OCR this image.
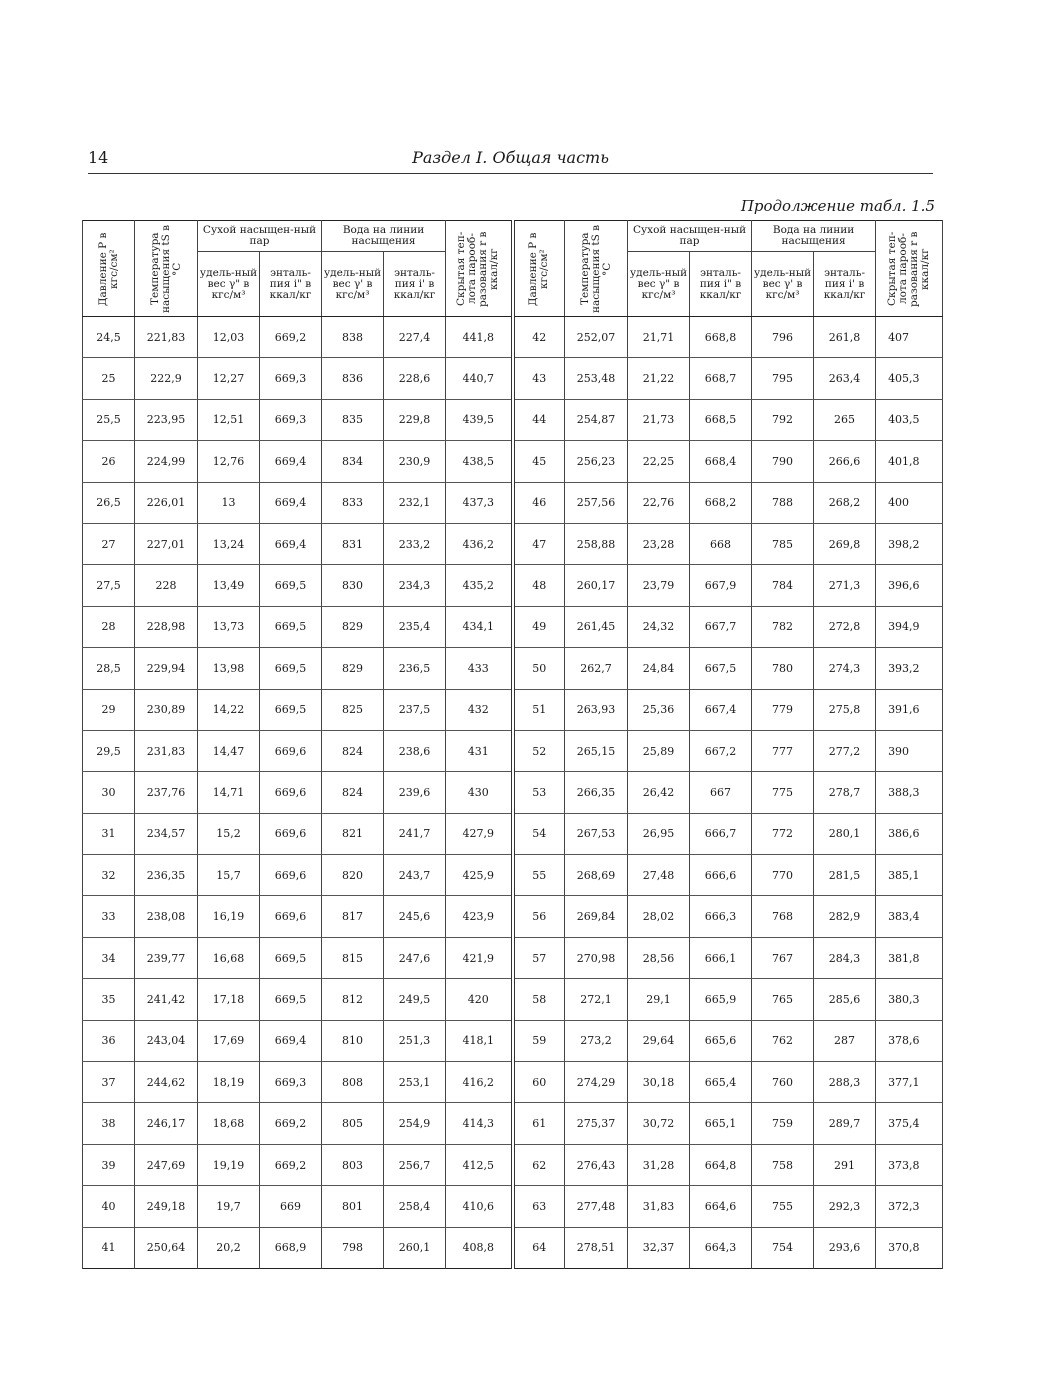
14	Раздел I. Общая часть
Продолжение табл. 1.5
Давление P в кгс/см²	Температура насыщения tS в °C	Сухой насыщен-ный пар		Вода на линии насыщения		Скрытая теп-лота парооб-разования r в ккал/кг	Давление P в кгс/см²	Температура насыщения tS в °C	Сухой насыщен-ный пар		Вода на линии насыщения		Скрытая теп-лота парооб-разования r в ккал/кг

		удель-ный вес γ" в кгс/м³	энталь-пия i" в ккал/кг	удель-ный вес γ' в кгс/м³	энталь-пия i' в ккал/кг				удель-ный вес γ" в кгс/м³	энталь-пия i" в ккал/кг	удель-ный вес γ' в кгс/м³	энталь-пия i' в ккал/кг	
24,5	221,83	12,03	669,2	838	227,4	441,8	42	252,07	21,71	668,8	796	261,8	407
25	222,9	12,27	669,3	836	228,6	440,7	43	253,48	21,22	668,7	795	263,4	405,3
25,5	223,95	12,51	669,3	835	229,8	439,5	44	254,87	21,73	668,5	792	265	403,5
26	224,99	12,76	669,4	834	230,9	438,5	45	256,23	22,25	668,4	790	266,6	401,8
26,5	226,01	13	669,4	833	232,1	437,3	46	257,56	22,76	668,2	788	268,2	400
27	227,01	13,24	669,4	831	233,2	436,2	47	258,88	23,28	668	785	269,8	398,2
27,5	228	13,49	669,5	830	234,3	435,2	48	260,17	23,79	667,9	784	271,3	396,6
28	228,98	13,73	669,5	829	235,4	434,1	49	261,45	24,32	667,7	782	272,8	394,9
28,5	229,94	13,98	669,5	829	236,5	433	50	262,7	24,84	667,5	780	274,3	393,2
29	230,89	14,22	669,5	825	237,5	432	51	263,93	25,36	667,4	779	275,8	391,6
29,5	231,83	14,47	669,6	824	238,6	431	52	265,15	25,89	667,2	777	277,2	390
30	237,76	14,71	669,6	824	239,6	430	53	266,35	26,42	667	775	278,7	388,3
31	234,57	15,2	669,6	821	241,7	427,9	54	267,53	26,95	666,7	772	280,1	386,6
32	236,35	15,7	669,6	820	243,7	425,9	55	268,69	27,48	666,6	770	281,5	385,1
33	238,08	16,19	669,6	817	245,6	423,9	56	269,84	28,02	666,3	768	282,9	383,4
34	239,77	16,68	669,5	815	247,6	421,9	57	270,98	28,56	666,1	767	284,3	381,8
35	241,42	17,18	669,5	812	249,5	420	58	272,1	29,1	665,9	765	285,6	380,3
36	243,04	17,69	669,4	810	251,3	418,1	59	273,2	29,64	665,6	762	287	378,6
37	244,62	18,19	669,3	808	253,1	416,2	60	274,29	30,18	665,4	760	288,3	377,1
38	246,17	18,68	669,2	805	254,9	414,3	61	275,37	30,72	665,1	759	289,7	375,4
39	247,69	19,19	669,2	803	256,7	412,5	62	276,43	31,28	664,8	758	291	373,8
40	249,18	19,7	669	801	258,4	410,6	63	277,48	31,83	664,6	755	292,3	372,3
41	250,64	20,2	668,9	798	260,1	408,8	64	278,51	32,37	664,3	754	293,6	370,8
